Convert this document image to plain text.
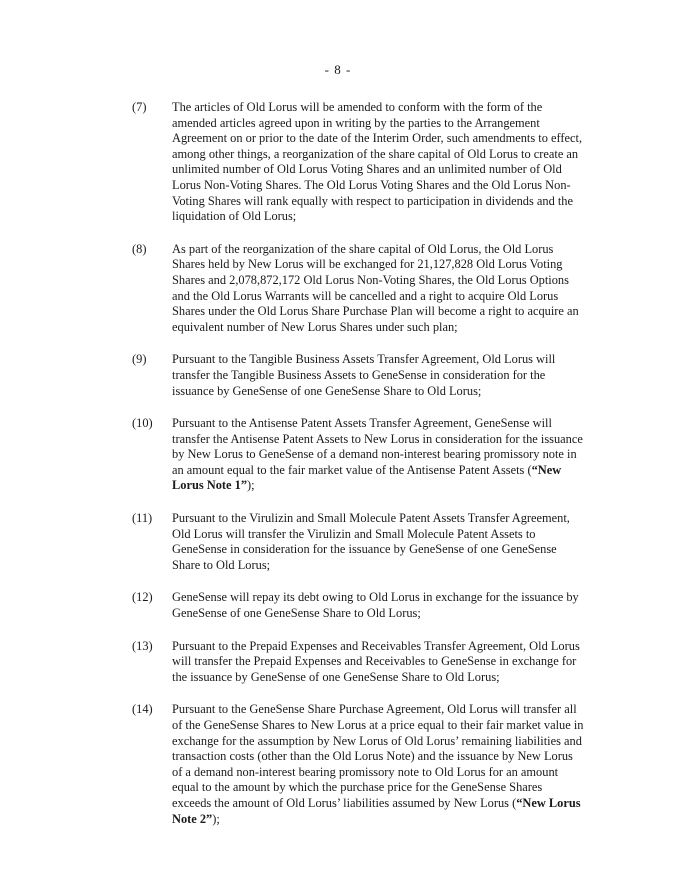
- 8 -
(7)	The articles of Old Lorus will be amended to conform with the form of the amended articles agreed upon in writing by the parties to the Arrangement Agreement on or prior to the date of the Interim Order, such amendments to effect, among other things, a reorganization of the share capital of Old Lorus to create an unlimited number of Old Lorus Voting Shares and an unlimited number of Old Lorus Non-Voting Shares. The Old Lorus Voting Shares and the Old Lorus Non-Voting Shares will rank equally with respect to participation in dividends and the liquidation of Old Lorus;
(8)	As part of the reorganization of the share capital of Old Lorus, the Old Lorus Shares held by New Lorus will be exchanged for 21,127,828 Old Lorus Voting Shares and 2,078,872,172 Old Lorus Non-Voting Shares, the Old Lorus Options and the Old Lorus Warrants will be cancelled and a right to acquire Old Lorus Shares under the Old Lorus Share Purchase Plan will become a right to acquire an equivalent number of New Lorus Shares under such plan;
(9)	Pursuant to the Tangible Business Assets Transfer Agreement, Old Lorus will transfer the Tangible Business Assets to GeneSense in consideration for the issuance by GeneSense of one GeneSense Share to Old Lorus;
(10)	Pursuant to the Antisense Patent Assets Transfer Agreement, GeneSense will transfer the Antisense Patent Assets to New Lorus in consideration for the issuance by New Lorus to GeneSense of a demand non-interest bearing promissory note in an amount equal to the fair market value of the Antisense Patent Assets (“New Lorus Note 1”);
(11)	Pursuant to the Virulizin and Small Molecule Patent Assets Transfer Agreement, Old Lorus will transfer the Virulizin and Small Molecule Patent Assets to GeneSense in consideration for the issuance by GeneSense of one GeneSense Share to Old Lorus;
(12)	GeneSense will repay its debt owing to Old Lorus in exchange for the issuance by GeneSense of one GeneSense Share to Old Lorus;
(13)	Pursuant to the Prepaid Expenses and Receivables Transfer Agreement, Old Lorus will transfer the Prepaid Expenses and Receivables to GeneSense in exchange for the issuance by GeneSense of one GeneSense Share to Old Lorus;
(14)	Pursuant to the GeneSense Share Purchase Agreement, Old Lorus will transfer all of the GeneSense Shares to New Lorus at a price equal to their fair market value in exchange for the assumption by New Lorus of Old Lorus’ remaining liabilities and transaction costs (other than the Old Lorus Note) and the issuance by New Lorus of a demand non-interest bearing promissory note to Old Lorus for an amount equal to the amount by which the purchase price for the GeneSense Shares exceeds the amount of Old Lorus’ liabilities assumed by New Lorus (“New Lorus Note 2”);
